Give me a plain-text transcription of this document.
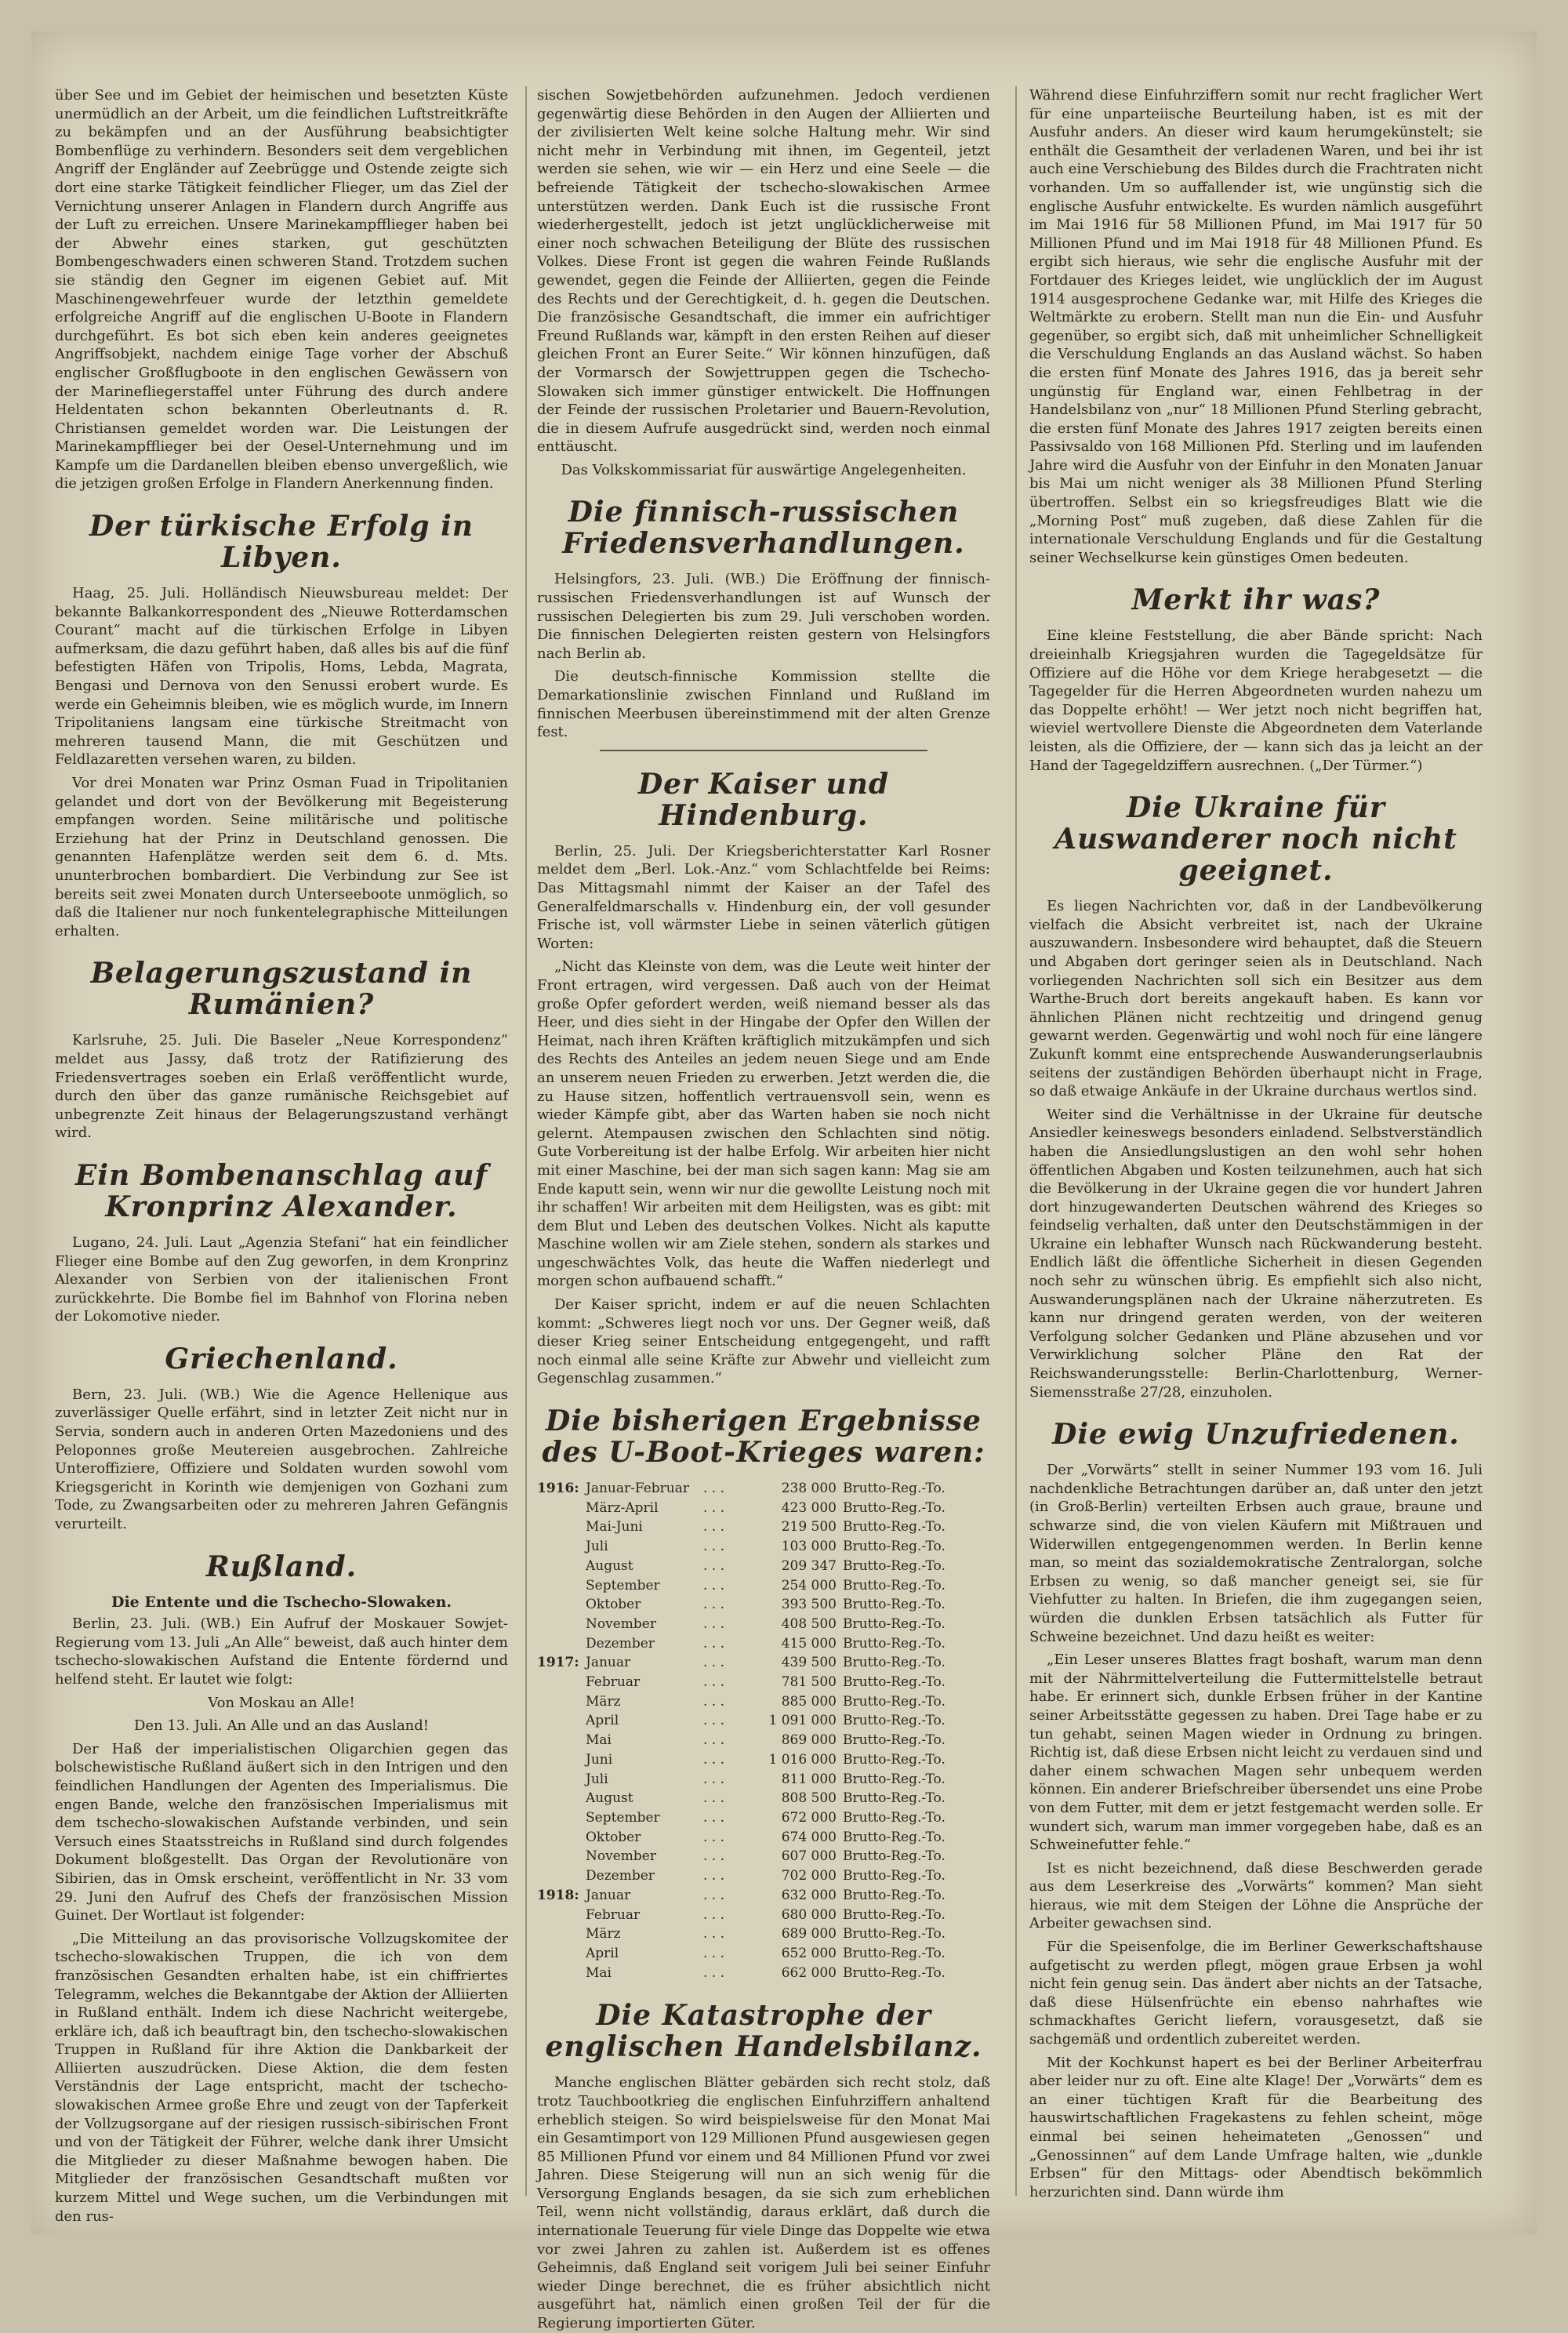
über See und im Gebiet der heimischen und besetzten Küste unermüdlich an der Arbeit, um die feindlichen Luftstreitkräfte zu bekämpfen und an der Ausführung beabsichtigter Bombenflüge zu verhindern. Besonders seit dem vergeblichen Angriff der Engländer auf Zeebrügge und Ostende zeigte sich dort eine starke Tätigkeit feindlicher Flieger, um das Ziel der Vernichtung unserer Anlagen in Flandern durch Angriffe aus der Luft zu erreichen. Unsere Marinekampfflieger haben bei der Abwehr eines starken, gut geschützten Bombengeschwaders einen schweren Stand. Trotzdem suchen sie ständig den Gegner im eigenen Gebiet auf. Mit Maschinengewehrfeuer wurde der letzthin gemeldete erfolgreiche Angriff auf die englischen U-Boote in Flandern durchgeführt. Es bot sich eben kein anderes geeignetes Angriffsobjekt, nachdem einige Tage vorher der Abschuß englischer Großflugboote in den englischen Gewässern von der Marinefliegerstaffel unter Führung des durch andere Heldentaten schon bekannten Oberleutnants d. R. Christiansen gemeldet worden war. Die Leistungen der Marinekampfflieger bei der Oesel-Unternehmung und im Kampfe um die Dardanellen bleiben ebenso unvergeßlich, wie die jetzigen großen Erfolge in Flandern Anerkennung finden.

Der türkische Erfolg in Libyen.

Haag, 25. Juli. Holländisch Nieuwsbureau meldet: Der bekannte Balkankorrespondent des „Nieuwe Rotterdamschen Courant“ macht auf die türkischen Erfolge in Libyen aufmerksam, die dazu geführt haben, daß alles bis auf die fünf befestigten Häfen von Tripolis, Homs, Lebda, Magrata, Bengasi und Dernova von den Senussi erobert wurde. Es werde ein Geheimnis bleiben, wie es möglich wurde, im Innern Tripolitaniens langsam eine türkische Streitmacht von mehreren tausend Mann, die mit Geschützen und Feldlazaretten versehen waren, zu bilden.

Vor drei Monaten war Prinz Osman Fuad in Tripolitanien gelandet und dort von der Bevölkerung mit Begeisterung empfangen worden. Seine militärische und politische Erziehung hat der Prinz in Deutschland genossen. Die genannten Hafenplätze werden seit dem 6. d. Mts. ununterbrochen bombardiert. Die Verbindung zur See ist bereits seit zwei Monaten durch Unterseeboote unmöglich, so daß die Italiener nur noch funkentelegraphische Mitteilungen erhalten.

Belagerungszustand in Rumänien?

Karlsruhe, 25. Juli. Die Baseler „Neue Korrespondenz“ meldet aus Jassy, daß trotz der Ratifizierung des Friedensvertrages soeben ein Erlaß veröffentlicht wurde, durch den über das ganze rumänische Reichsgebiet auf unbegrenzte Zeit hinaus der Belagerungszustand verhängt wird.

Ein Bombenanschlag auf Kronprinz Alexander.

Lugano, 24. Juli. Laut „Agenzia Stefani“ hat ein feindlicher Flieger eine Bombe auf den Zug geworfen, in dem Kronprinz Alexander von Serbien von der italienischen Front zurückkehrte. Die Bombe fiel im Bahnhof von Florina neben der Lokomotive nieder.

Griechenland.

Bern, 23. Juli. (WB.) Wie die Agence Hellenique aus zuverlässiger Quelle erfährt, sind in letzter Zeit nicht nur in Servia, sondern auch in anderen Orten Mazedoniens und des Peloponnes große Meutereien ausgebrochen. Zahlreiche Unteroffiziere, Offiziere und Soldaten wurden sowohl vom Kriegsgericht in Korinth wie demjenigen von Gozhani zum Tode, zu Zwangsarbeiten oder zu mehreren Jahren Gefängnis verurteilt.

Rußland.
Die Entente und die Tschecho-Slowaken.

Berlin, 23. Juli. (WB.) Ein Aufruf der Moskauer Sowjet-Regierung vom 13. Juli „An Alle“ beweist, daß auch hinter dem tschecho-slowakischen Aufstand die Entente fördernd und helfend steht. Er lautet wie folgt:

Von Moskau an Alle!

Den 13. Juli. An Alle und an das Ausland!

Der Haß der imperialistischen Oligarchien gegen das bolschewistische Rußland äußert sich in den Intrigen und den feindlichen Handlungen der Agenten des Imperialismus. Die engen Bande, welche den französischen Imperialismus mit dem tschecho-slowakischen Aufstande verbinden, und sein Versuch eines Staatsstreichs in Rußland sind durch folgendes Dokument bloßgestellt. Das Organ der Revolutionäre von Sibirien, das in Omsk erscheint, veröffentlicht in Nr. 33 vom 29. Juni den Aufruf des Chefs der französischen Mission Guinet. Der Wortlaut ist folgender:

„Die Mitteilung an das provisorische Vollzugskomitee der tschecho-slowakischen Truppen, die ich von dem französischen Gesandten erhalten habe, ist ein chiffriertes Telegramm, welches die Bekanntgabe der Aktion der Alliierten in Rußland enthält. Indem ich diese Nachricht weitergebe, erkläre ich, daß ich beauftragt bin, den tschecho-slowakischen Truppen in Rußland für ihre Aktion die Dankbarkeit der Alliierten auszudrücken. Diese Aktion, die dem festen Verständnis der Lage entspricht, macht der tschecho-slowakischen Armee große Ehre und zeugt von der Tapferkeit der Vollzugsorgane auf der riesigen russisch-sibirischen Front und von der Tätigkeit der Führer, welche dank ihrer Umsicht die Mitglieder zu dieser Maßnahme bewogen haben. Die Mitglieder der französischen Gesandtschaft mußten vor kurzem Mittel und Wege suchen, um die Verbindungen mit den rus-

sischen Sowjetbehörden aufzunehmen. Jedoch verdienen gegenwärtig diese Behörden in den Augen der Alliierten und der zivilisierten Welt keine solche Haltung mehr. Wir sind nicht mehr in Verbindung mit ihnen, im Gegenteil, jetzt werden sie sehen, wie wir — ein Herz und eine Seele — die befreiende Tätigkeit der tschecho-slowakischen Armee unterstützen werden. Dank Euch ist die russische Front wiederhergestellt, jedoch ist jetzt unglücklicherweise mit einer noch schwachen Beteiligung der Blüte des russischen Volkes. Diese Front ist gegen die wahren Feinde Rußlands gewendet, gegen die Feinde der Alliierten, gegen die Feinde des Rechts und der Gerechtigkeit, d. h. gegen die Deutschen. Die französische Gesandtschaft, die immer ein aufrichtiger Freund Rußlands war, kämpft in den ersten Reihen auf dieser gleichen Front an Eurer Seite.“ Wir können hinzufügen, daß der Vormarsch der Sowjettruppen gegen die Tschecho-Slowaken sich immer günstiger entwickelt. Die Hoffnungen der Feinde der russischen Proletarier und Bauern-Revolution, die in diesem Aufrufe ausgedrückt sind, werden noch einmal enttäuscht.

Das Volkskommissariat für auswärtige Angelegenheiten.

Die finnisch-russischen Friedensverhandlungen.

Helsingfors, 23. Juli. (WB.) Die Eröffnung der finnisch-russischen Friedensverhandlungen ist auf Wunsch der russischen Delegierten bis zum 29. Juli verschoben worden. Die finnischen Delegierten reisten gestern von Helsingfors nach Berlin ab.

Die deutsch-finnische Kommission stellte die Demarkationslinie zwischen Finnland und Rußland im finnischen Meerbusen übereinstimmend mit der alten Grenze fest.

Der Kaiser und Hindenburg.

Berlin, 25. Juli. Der Kriegsberichterstatter Karl Rosner meldet dem „Berl. Lok.-Anz.“ vom Schlachtfelde bei Reims: Das Mittagsmahl nimmt der Kaiser an der Tafel des Generalfeldmarschalls v. Hindenburg ein, der voll gesunder Frische ist, voll wärmster Liebe in seinen väterlich gütigen Worten:

„Nicht das Kleinste von dem, was die Leute weit hinter der Front ertragen, wird vergessen. Daß auch von der Heimat große Opfer gefordert werden, weiß niemand besser als das Heer, und dies sieht in der Hingabe der Opfer den Willen der Heimat, nach ihren Kräften kräftiglich mitzukämpfen und sich des Rechts des Anteiles an jedem neuen Siege und am Ende an unserem neuen Frieden zu erwerben. Jetzt werden die, die zu Hause sitzen, hoffentlich vertrauensvoll sein, wenn es wieder Kämpfe gibt, aber das Warten haben sie noch nicht gelernt. Atempausen zwischen den Schlachten sind nötig. Gute Vorbereitung ist der halbe Erfolg. Wir arbeiten hier nicht mit einer Maschine, bei der man sich sagen kann: Mag sie am Ende kaputt sein, wenn wir nur die gewollte Leistung noch mit ihr schaffen! Wir arbeiten mit dem Heiligsten, was es gibt: mit dem Blut und Leben des deutschen Volkes. Nicht als kaputte Maschine wollen wir am Ziele stehen, sondern als starkes und ungeschwächtes Volk, das heute die Waffen niederlegt und morgen schon aufbauend schafft.“

Der Kaiser spricht, indem er auf die neuen Schlachten kommt: „Schweres liegt noch vor uns. Der Gegner weiß, daß dieser Krieg seiner Entscheidung entgegengeht, und rafft noch einmal alle seine Kräfte zur Abwehr und vielleicht zum Gegenschlag zusammen.“

Die bisherigen Ergebnisse des U-Boot-Krieges waren:
1916: Januar-Februar	. . .	238 000 Brutto-Reg.-To.
März-April	. . .	423 000 Brutto-Reg.-To.
Mai-Juni	. . .	219 500 Brutto-Reg.-To.
Juli	. . .	103 000 Brutto-Reg.-To.
August	. . .	209 347 Brutto-Reg.-To.
September	. . .	254 000 Brutto-Reg.-To.
Oktober	. . .	393 500 Brutto-Reg.-To.
November	. . .	408 500 Brutto-Reg.-To.
Dezember	. . .	415 000 Brutto-Reg.-To.
1917: Januar	. . .	439 500 Brutto-Reg.-To.
Februar	. . .	781 500 Brutto-Reg.-To.
März	. . .	885 000 Brutto-Reg.-To.
April	. . .	1 091 000 Brutto-Reg.-To.
Mai	. . .	869 000 Brutto-Reg.-To.
Juni	. . .	1 016 000 Brutto-Reg.-To.
Juli	. . .	811 000 Brutto-Reg.-To.
August	. . .	808 500 Brutto-Reg.-To.
September	. . .	672 000 Brutto-Reg.-To.
Oktober	. . .	674 000 Brutto-Reg.-To.
November	. . .	607 000 Brutto-Reg.-To.
Dezember	. . .	702 000 Brutto-Reg.-To.
1918: Januar	. . .	632 000 Brutto-Reg.-To.
Februar	. . .	680 000 Brutto-Reg.-To.
März	. . .	689 000 Brutto-Reg.-To.
April	. . .	652 000 Brutto-Reg.-To.
Mai	. . .	662 000 Brutto-Reg.-To.
Die Katastrophe der englischen Handelsbilanz.

Manche englischen Blätter gebärden sich recht stolz, daß trotz Tauchbootkrieg die englischen Einfuhrziffern anhaltend erheblich steigen. So wird beispielsweise für den Monat Mai ein Gesamtimport von 129 Millionen Pfund ausgewiesen gegen 85 Millionen Pfund vor einem und 84 Millionen Pfund vor zwei Jahren. Diese Steigerung will nun an sich wenig für die Versorgung Englands besagen, da sie sich zum erheblichen Teil, wenn nicht vollständig, daraus erklärt, daß durch die internationale Teuerung für viele Dinge das Doppelte wie etwa vor zwei Jahren zu zahlen ist. Außerdem ist es offenes Geheimnis, daß England seit vorigem Juli bei seiner Einfuhr wieder Dinge berechnet, die es früher absichtlich nicht ausgeführt hat, nämlich einen großen Teil der für die Regierung importierten Güter.

Während diese Einfuhrziffern somit nur recht fraglicher Wert für eine unparteiische Beurteilung haben, ist es mit der Ausfuhr anders. An dieser wird kaum herumgekünstelt; sie enthält die Gesamtheit der verladenen Waren, und bei ihr ist auch eine Verschiebung des Bildes durch die Frachtraten nicht vorhanden. Um so auffallender ist, wie ungünstig sich die englische Ausfuhr entwickelte. Es wurden nämlich ausgeführt im Mai 1916 für 58 Millionen Pfund, im Mai 1917 für 50 Millionen Pfund und im Mai 1918 für 48 Millionen Pfund. Es ergibt sich hieraus, wie sehr die englische Ausfuhr mit der Fortdauer des Krieges leidet, wie unglücklich der im August 1914 ausgesprochene Gedanke war, mit Hilfe des Krieges die Weltmärkte zu erobern. Stellt man nun die Ein- und Ausfuhr gegenüber, so ergibt sich, daß mit unheimlicher Schnelligkeit die Verschuldung Englands an das Ausland wächst. So haben die ersten fünf Monate des Jahres 1916, das ja bereit sehr ungünstig für England war, einen Fehlbetrag in der Handelsbilanz von „nur“ 18 Millionen Pfund Sterling gebracht, die ersten fünf Monate des Jahres 1917 zeigten bereits einen Passivsaldo von 168 Millionen Pfd. Sterling und im laufenden Jahre wird die Ausfuhr von der Einfuhr in den Monaten Januar bis Mai um nicht weniger als 38 Millionen Pfund Sterling übertroffen. Selbst ein so kriegsfreudiges Blatt wie die „Morning Post“ muß zugeben, daß diese Zahlen für die internationale Verschuldung Englands und für die Gestaltung seiner Wechselkurse kein günstiges Omen bedeuten.

Merkt ihr was?

Eine kleine Feststellung, die aber Bände spricht: Nach dreieinhalb Kriegsjahren wurden die Tagegeldsätze für Offiziere auf die Höhe vor dem Kriege herabgesetzt — die Tagegelder für die Herren Abgeordneten wurden nahezu um das Doppelte erhöht! — Wer jetzt noch nicht begriffen hat, wieviel wertvollere Dienste die Abgeordneten dem Vaterlande leisten, als die Offiziere, der — kann sich das ja leicht an der Hand der Tagegeldziffern ausrechnen. („Der Türmer.“)

Die Ukraine für Auswanderer noch nicht geeignet.

Es liegen Nachrichten vor, daß in der Landbevölkerung vielfach die Absicht verbreitet ist, nach der Ukraine auszuwandern. Insbesondere wird behauptet, daß die Steuern und Abgaben dort geringer seien als in Deutschland. Nach vorliegenden Nachrichten soll sich ein Besitzer aus dem Warthe-Bruch dort bereits angekauft haben. Es kann vor ähnlichen Plänen nicht rechtzeitig und dringend genug gewarnt werden. Gegenwärtig und wohl noch für eine längere Zukunft kommt eine entsprechende Auswanderungserlaubnis seitens der zuständigen Behörden überhaupt nicht in Frage, so daß etwaige Ankäufe in der Ukraine durchaus wertlos sind.

Weiter sind die Verhältnisse in der Ukraine für deutsche Ansiedler keineswegs besonders einladend. Selbstverständlich haben die Ansiedlungslustigen an den wohl sehr hohen öffentlichen Abgaben und Kosten teilzunehmen, auch hat sich die Bevölkerung in der Ukraine gegen die vor hundert Jahren dort hinzugewanderten Deutschen während des Krieges so feindselig verhalten, daß unter den Deutschstämmigen in der Ukraine ein lebhafter Wunsch nach Rückwanderung besteht. Endlich läßt die öffentliche Sicherheit in diesen Gegenden noch sehr zu wünschen übrig. Es empfiehlt sich also nicht, Auswanderungsplänen nach der Ukraine näherzutreten. Es kann nur dringend geraten werden, von der weiteren Verfolgung solcher Gedanken und Pläne abzusehen und vor Verwirklichung solcher Pläne den Rat der Reichswanderungsstelle: Berlin-Charlottenburg, Werner-Siemensstraße 27/28, einzuholen.

Die ewig Unzufriedenen.

Der „Vorwärts“ stellt in seiner Nummer 193 vom 16. Juli nachdenkliche Betrachtungen darüber an, daß unter den jetzt (in Groß-Berlin) verteilten Erbsen auch graue, braune und schwarze sind, die von vielen Käufern mit Mißtrauen und Widerwillen entgegengenommen werden. In Berlin kenne man, so meint das sozialdemokratische Zentralorgan, solche Erbsen zu wenig, so daß mancher geneigt sei, sie für Viehfutter zu halten. In Briefen, die ihm zugegangen seien, würden die dunklen Erbsen tatsächlich als Futter für Schweine bezeichnet. Und dazu heißt es weiter:

„Ein Leser unseres Blattes fragt boshaft, warum man denn mit der Nährmittelverteilung die Futtermittelstelle betraut habe. Er erinnert sich, dunkle Erbsen früher in der Kantine seiner Arbeitsstätte gegessen zu haben. Drei Tage habe er zu tun gehabt, seinen Magen wieder in Ordnung zu bringen. Richtig ist, daß diese Erbsen nicht leicht zu verdauen sind und daher einem schwachen Magen sehr unbequem werden können. Ein anderer Briefschreiber übersendet uns eine Probe von dem Futter, mit dem er jetzt festgemacht werden solle. Er wundert sich, warum man immer vorgegeben habe, daß es an Schweinefutter fehle.“

Ist es nicht bezeichnend, daß diese Beschwerden gerade aus dem Leserkreise des „Vorwärts“ kommen? Man sieht hieraus, wie mit dem Steigen der Löhne die Ansprüche der Arbeiter gewachsen sind.

Für die Speisenfolge, die im Berliner Gewerkschaftshause aufgetischt zu werden pflegt, mögen graue Erbsen ja wohl nicht fein genug sein. Das ändert aber nichts an der Tatsache, daß diese Hülsenfrüchte ein ebenso nahrhaftes wie schmackhaftes Gericht liefern, vorausgesetzt, daß sie sachgemäß und ordentlich zubereitet werden.

Mit der Kochkunst hapert es bei der Berliner Arbeiterfrau aber leider nur zu oft. Eine alte Klage! Der „Vorwärts“ dem es an einer tüchtigen Kraft für die Bearbeitung des hauswirtschaftlichen Fragekastens zu fehlen scheint, möge einmal bei seinen heheimateten „Genossen“ und „Genossinnen“ auf dem Lande Umfrage halten, wie „dunkle Erbsen“ für den Mittags- oder Abendtisch bekömmlich herzurichten sind. Dann würde ihm
